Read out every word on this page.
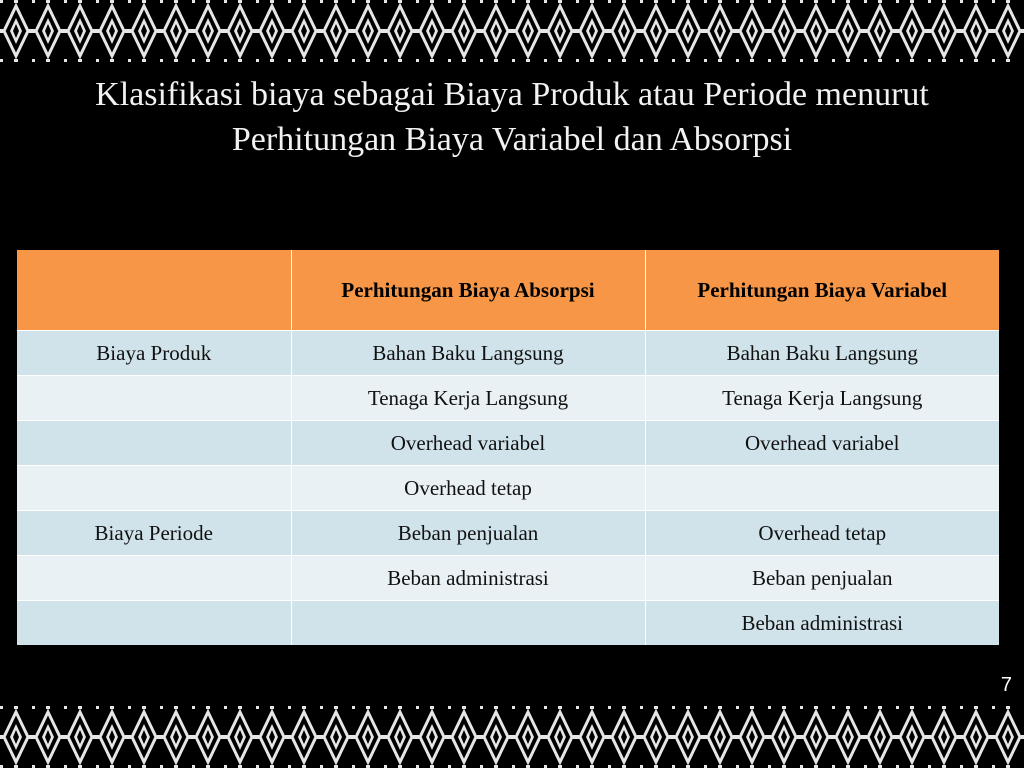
Klasifikasi biaya sebagai Biaya Produk atau Periode menurut
Perhitungan Biaya Variabel dan Absorpsi
	Perhitungan Biaya Absorpsi	Perhitungan Biaya Variabel
Biaya Produk	Bahan Baku Langsung	Bahan Baku Langsung
	Tenaga Kerja Langsung	Tenaga Kerja Langsung
	Overhead variabel	Overhead variabel
	Overhead tetap	
Biaya Periode	Beban penjualan	Overhead tetap
	Beban administrasi	Beban penjualan
		Beban administrasi
7
